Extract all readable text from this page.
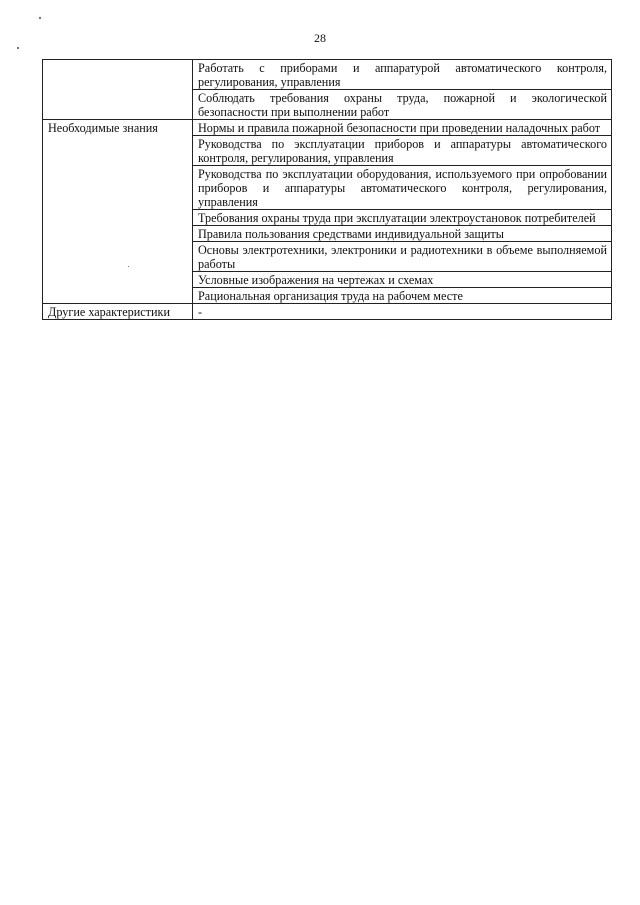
28
	Работать с приборами и аппаратурой автоматического контроля, регулирования, управления
	Соблюдать требования охраны труда, пожарной и экологической безопасности при выполнении работ
Необходимые знания	Нормы и правила пожарной безопасности при проведении наладочных работ
	Руководства по эксплуатации приборов и аппаратуры автоматического контроля, регулирования, управления
	Руководства по эксплуатации оборудования, используемого при опробовании приборов и аппаратуры автоматического контроля, регулирования, управления
	Требования охраны труда при эксплуатации электроустановок потребителей
	Правила пользования средствами индивидуальной защиты
	Основы электротехники, электроники и радиотехники в объеме выполняемой работы
	Условные изображения на чертежах и схемах
	Рациональная организация труда на рабочем месте
Другие характеристики	-
